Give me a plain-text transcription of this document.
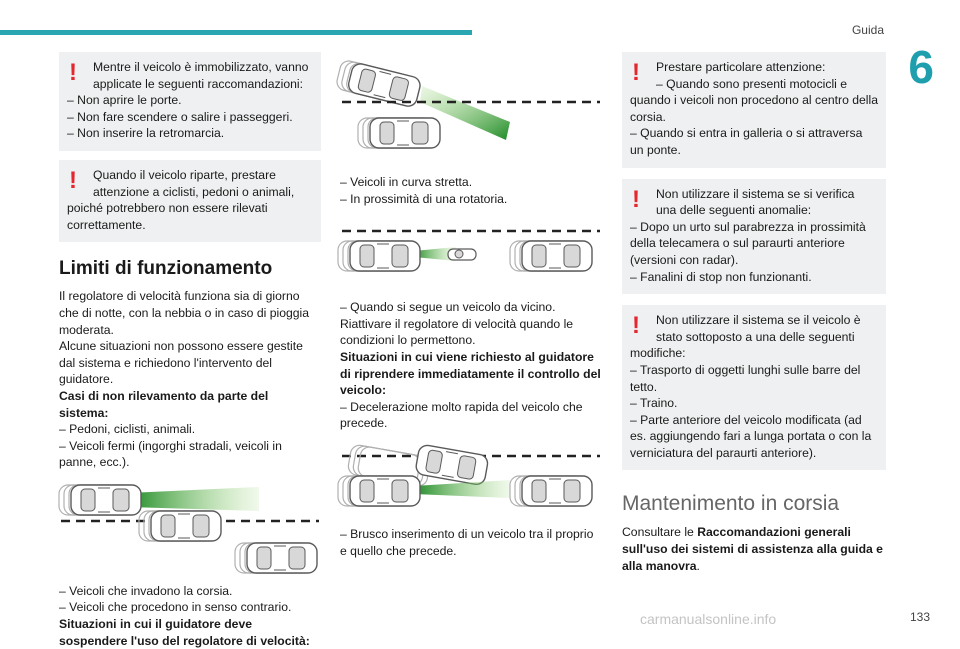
Guida
6
!	Mentre il veicolo è immobilizzato, vanno applicate le seguenti raccomandazioni:
– Non aprire le porte.
– Non fare scendere o salire i passeggeri.
– Non inserire la retromarcia.
!	Quando il veicolo riparte, prestare attenzione a ciclisti, pedoni o animali,
poiché potrebbero non essere rilevati correttamente.
Limiti di funzionamento
Il regolatore di velocità funziona sia di giorno che di notte, con la nebbia o in caso di pioggia moderata.
Alcune situazioni non possono essere gestite dal sistema e richiedono l'intervento del guidatore.
Casi di non rilevamento da parte del sistema:
– Pedoni, ciclisti, animali.
– Veicoli fermi (ingorghi stradali, veicoli in panne, ecc.).
– Veicoli che invadono la corsia.
– Veicoli che procedono in senso contrario.
Situazioni in cui il guidatore deve sospendere l'uso del regolatore di velocità:
– Veicoli in curva stretta.
– In prossimità di una rotatoria.
– Quando si segue un veicolo da vicino.
Riattivare il regolatore di velocità quando le condizioni lo permettono.
Situazioni in cui viene richiesto al guidatore di riprendere immediatamente il controllo del veicolo:
– Decelerazione molto rapida del veicolo che precede.
– Brusco inserimento di un veicolo tra il proprio e quello che precede.
!	Prestare particolare attenzione:
– Quando sono presenti motocicli e
quando i veicoli non procedono al centro della corsia.
– Quando si entra in galleria o si attraversa un ponte.
!	Non utilizzare il sistema se si verifica una delle seguenti anomalie:
– Dopo un urto sul parabrezza in prossimità della telecamera o sul paraurti anteriore (versioni con radar).
– Fanalini di stop non funzionanti.
!	Non utilizzare il sistema se il veicolo è stato sottoposto a una delle seguenti
modifiche:
– Trasporto di oggetti lunghi sulle barre del tetto.
– Traino.
– Parte anteriore del veicolo modificata (ad es. aggiungendo fari a lunga portata o con la verniciatura del paraurti anteriore).
Mantenimento in corsia
Consultare le Raccomandazioni generali sull'uso dei sistemi di assistenza alla guida e alla manovra.
carmanualsonline.info	133
